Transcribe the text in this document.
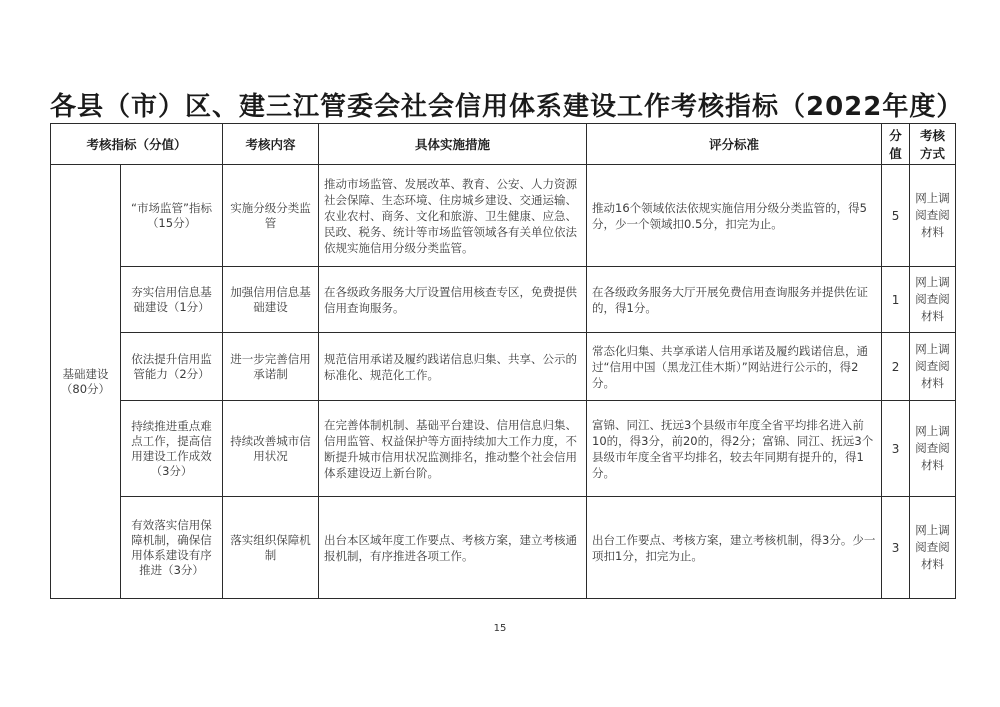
各县（市）区、建三江管委会社会信用体系建设工作考核指标（2022年度）
考核指标（分值）		考核内容	具体实施措施	评分标准	分值	考核方式
基础建设（80分）	“市场监管”指标（15分）	实施分级分类监管	推动市场监管、发展改革、教育、公安、人力资源社会保障、生态环境、住房城乡建设、交通运输、农业农村、商务、文化和旅游、卫生健康、应急、民政、税务、统计等市场监管领域各有关单位依法依规实施信用分级分类监管。	推动16个领域依法依规实施信用分级分类监管的，得5分，少一个领域扣0.5分，扣完为止。	5	网上调阅查阅材料
	夯实信用信息基础建设（1分）	加强信用信息基础建设	在各级政务服务大厅设置信用核查专区，免费提供信用查询服务。	在各级政务服务大厅开展免费信用查询服务并提供佐证的，得1分。	1	网上调阅查阅材料
	依法提升信用监管能力（2分）	进一步完善信用承诺制	规范信用承诺及履约践诺信息归集、共享、公示的标准化、规范化工作。	常态化归集、共享承诺人信用承诺及履约践诺信息，通过“信用中国（黑龙江佳木斯）”网站进行公示的，得2分。	2	网上调阅查阅材料
	持续推进重点难点工作，提高信用建设工作成效（3分）	持续改善城市信用状况	在完善体制机制、基础平台建设、信用信息归集、信用监管、权益保护等方面持续加大工作力度，不断提升城市信用状况监测排名，推动整个社会信用体系建设迈上新台阶。	富锦、同江、抚远3个县级市年度全省平均排名进入前10的，得3分，前20的，得2分；富锦、同江、抚远3个县级市年度全省平均排名，较去年同期有提升的，得1分。	3	网上调阅查阅材料
	有效落实信用保障机制，确保信用体系建设有序推进（3分）	落实组织保障机制	出台本区域年度工作要点、考核方案，建立考核通报机制，有序推进各项工作。	出台工作要点、考核方案，建立考核机制，得3分。少一项扣1分，扣完为止。	3	网上调阅查阅材料
15
